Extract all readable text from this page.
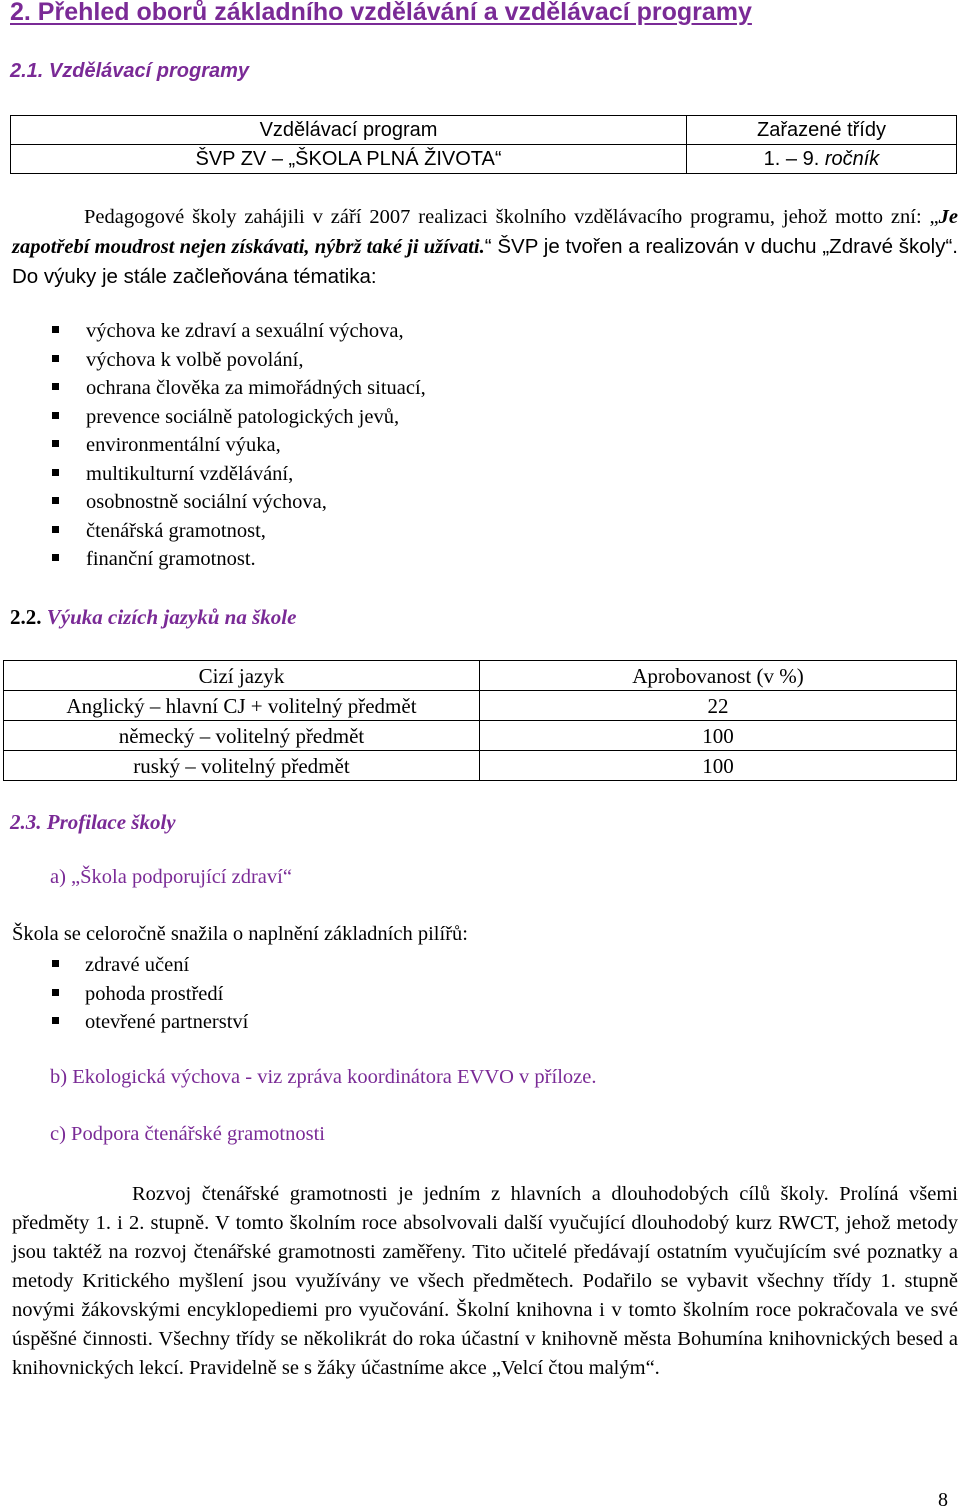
2. Přehled oborů základního vzdělávání a vzdělávací programy
2.1. Vzdělávací programy
Vzdělávací program	Zařazené třídy
ŠVP ZV – „ŠKOLA PLNÁ ŽIVOTA“	1. – 9. ročník
Pedagogové školy zahájili v září 2007 realizaci školního vzdělávacího programu, jehož motto zní: „Je zapotřebí moudrost nejen získávati, nýbrž také ji užívati.“ ŠVP je tvořen a realizován v duchu „Zdravé školy“. Do výuky je stále začleňována tématika:
výchova ke zdraví a sexuální výchova,
výchova k volbě povolání,
ochrana člověka za mimořádných situací,
prevence sociálně patologických jevů,
environmentální výuka,
multikulturní vzdělávání,
osobnostně sociální výchova,
čtenářská gramotnost,
finanční gramotnost.
2.2. Výuka cizích jazyků na škole
Cizí jazyk	Aprobovanost (v %)
Anglický – hlavní CJ + volitelný předmět	22
německý – volitelný předmět	100
ruský – volitelný předmět	100
2.3. Profilace školy
a) „Škola podporující zdraví“
Škola se celoročně snažila o naplnění základních pilířů:
zdravé učení
pohoda prostředí
otevřené partnerství
b) Ekologická výchova - viz zpráva koordinátora EVVO v příloze.
c) Podpora čtenářské gramotnosti
Rozvoj čtenářské gramotnosti je jedním z hlavních a dlouhodobých cílů školy. Prolíná všemi předměty 1. i 2. stupně. V tomto školním roce absolvovali další vyučující dlouhodobý kurz RWCT, jehož metody jsou taktéž na rozvoj čtenářské gramotnosti zaměřeny. Tito učitelé předávají ostatním vyučujícím své poznatky a metody Kritického myšlení jsou využívány ve všech předmětech. Podařilo se vybavit všechny třídy 1. stupně novými žákovskými encyklopediemi pro vyučování. Školní knihovna i v tomto školním roce pokračovala ve své úspěšné činnosti. Všechny třídy se několikrát do roka účastní v knihovně města Bohumína knihovnických besed a knihovnických lekcí. Pravidelně se s žáky účastníme akce „Velcí čtou malým“.
8
